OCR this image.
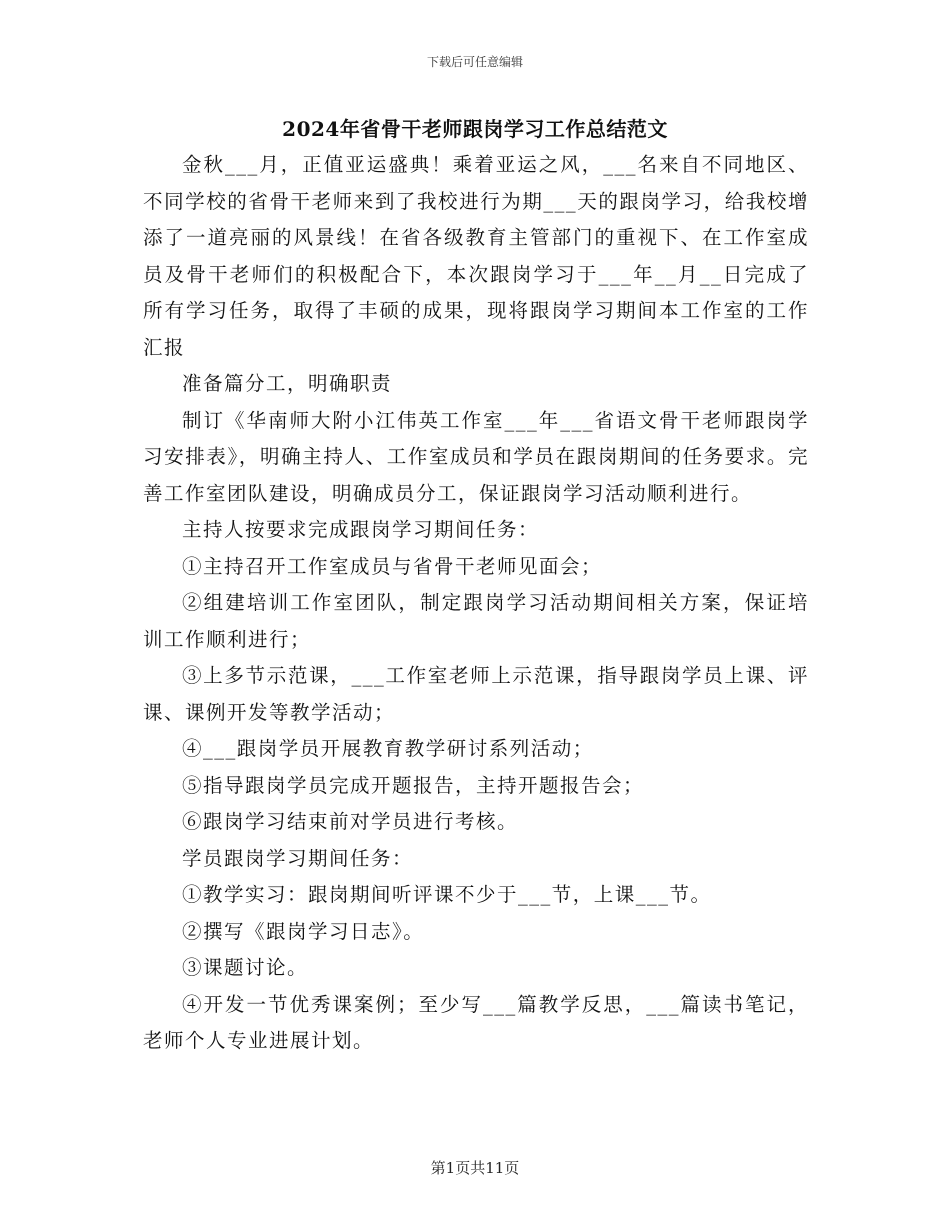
下载后可任意编辑
2024年省骨干老师跟岗学习工作总结范文

金秋___月，正值亚运盛典！乘着亚运之风，___名来自不同地区、不同学校的省骨干老师来到了我校进行为期___天的跟岗学习，给我校增添了一道亮丽的风景线！在省各级教育主管部门的重视下、在工作室成员及骨干老师们的积极配合下，本次跟岗学习于___年__月__日完成了所有学习任务，取得了丰硕的成果，现将跟岗学习期间本工作室的工作汇报

准备篇分工，明确职责

制订《华南师大附小江伟英工作室___年___省语文骨干老师跟岗学习安排表》，明确主持人、工作室成员和学员在跟岗期间的任务要求。完善工作室团队建设，明确成员分工，保证跟岗学习活动顺利进行。

主持人按要求完成跟岗学习期间任务：

①主持召开工作室成员与省骨干老师见面会；

②组建培训工作室团队，制定跟岗学习活动期间相关方案，保证培训工作顺利进行；

③上多节示范课，___工作室老师上示范课，指导跟岗学员上课、评课、课例开发等教学活动；

④___跟岗学员开展教育教学研讨系列活动；

⑤指导跟岗学员完成开题报告，主持开题报告会；

⑥跟岗学习结束前对学员进行考核。

学员跟岗学习期间任务：

①教学实习：跟岗期间听评课不少于___节，上课___节。

②撰写《跟岗学习日志》。

③课题讨论。

④开发一节优秀课案例；至少写___篇教学反思，___篇读书笔记，老师个人专业进展计划。

第1页共11页
